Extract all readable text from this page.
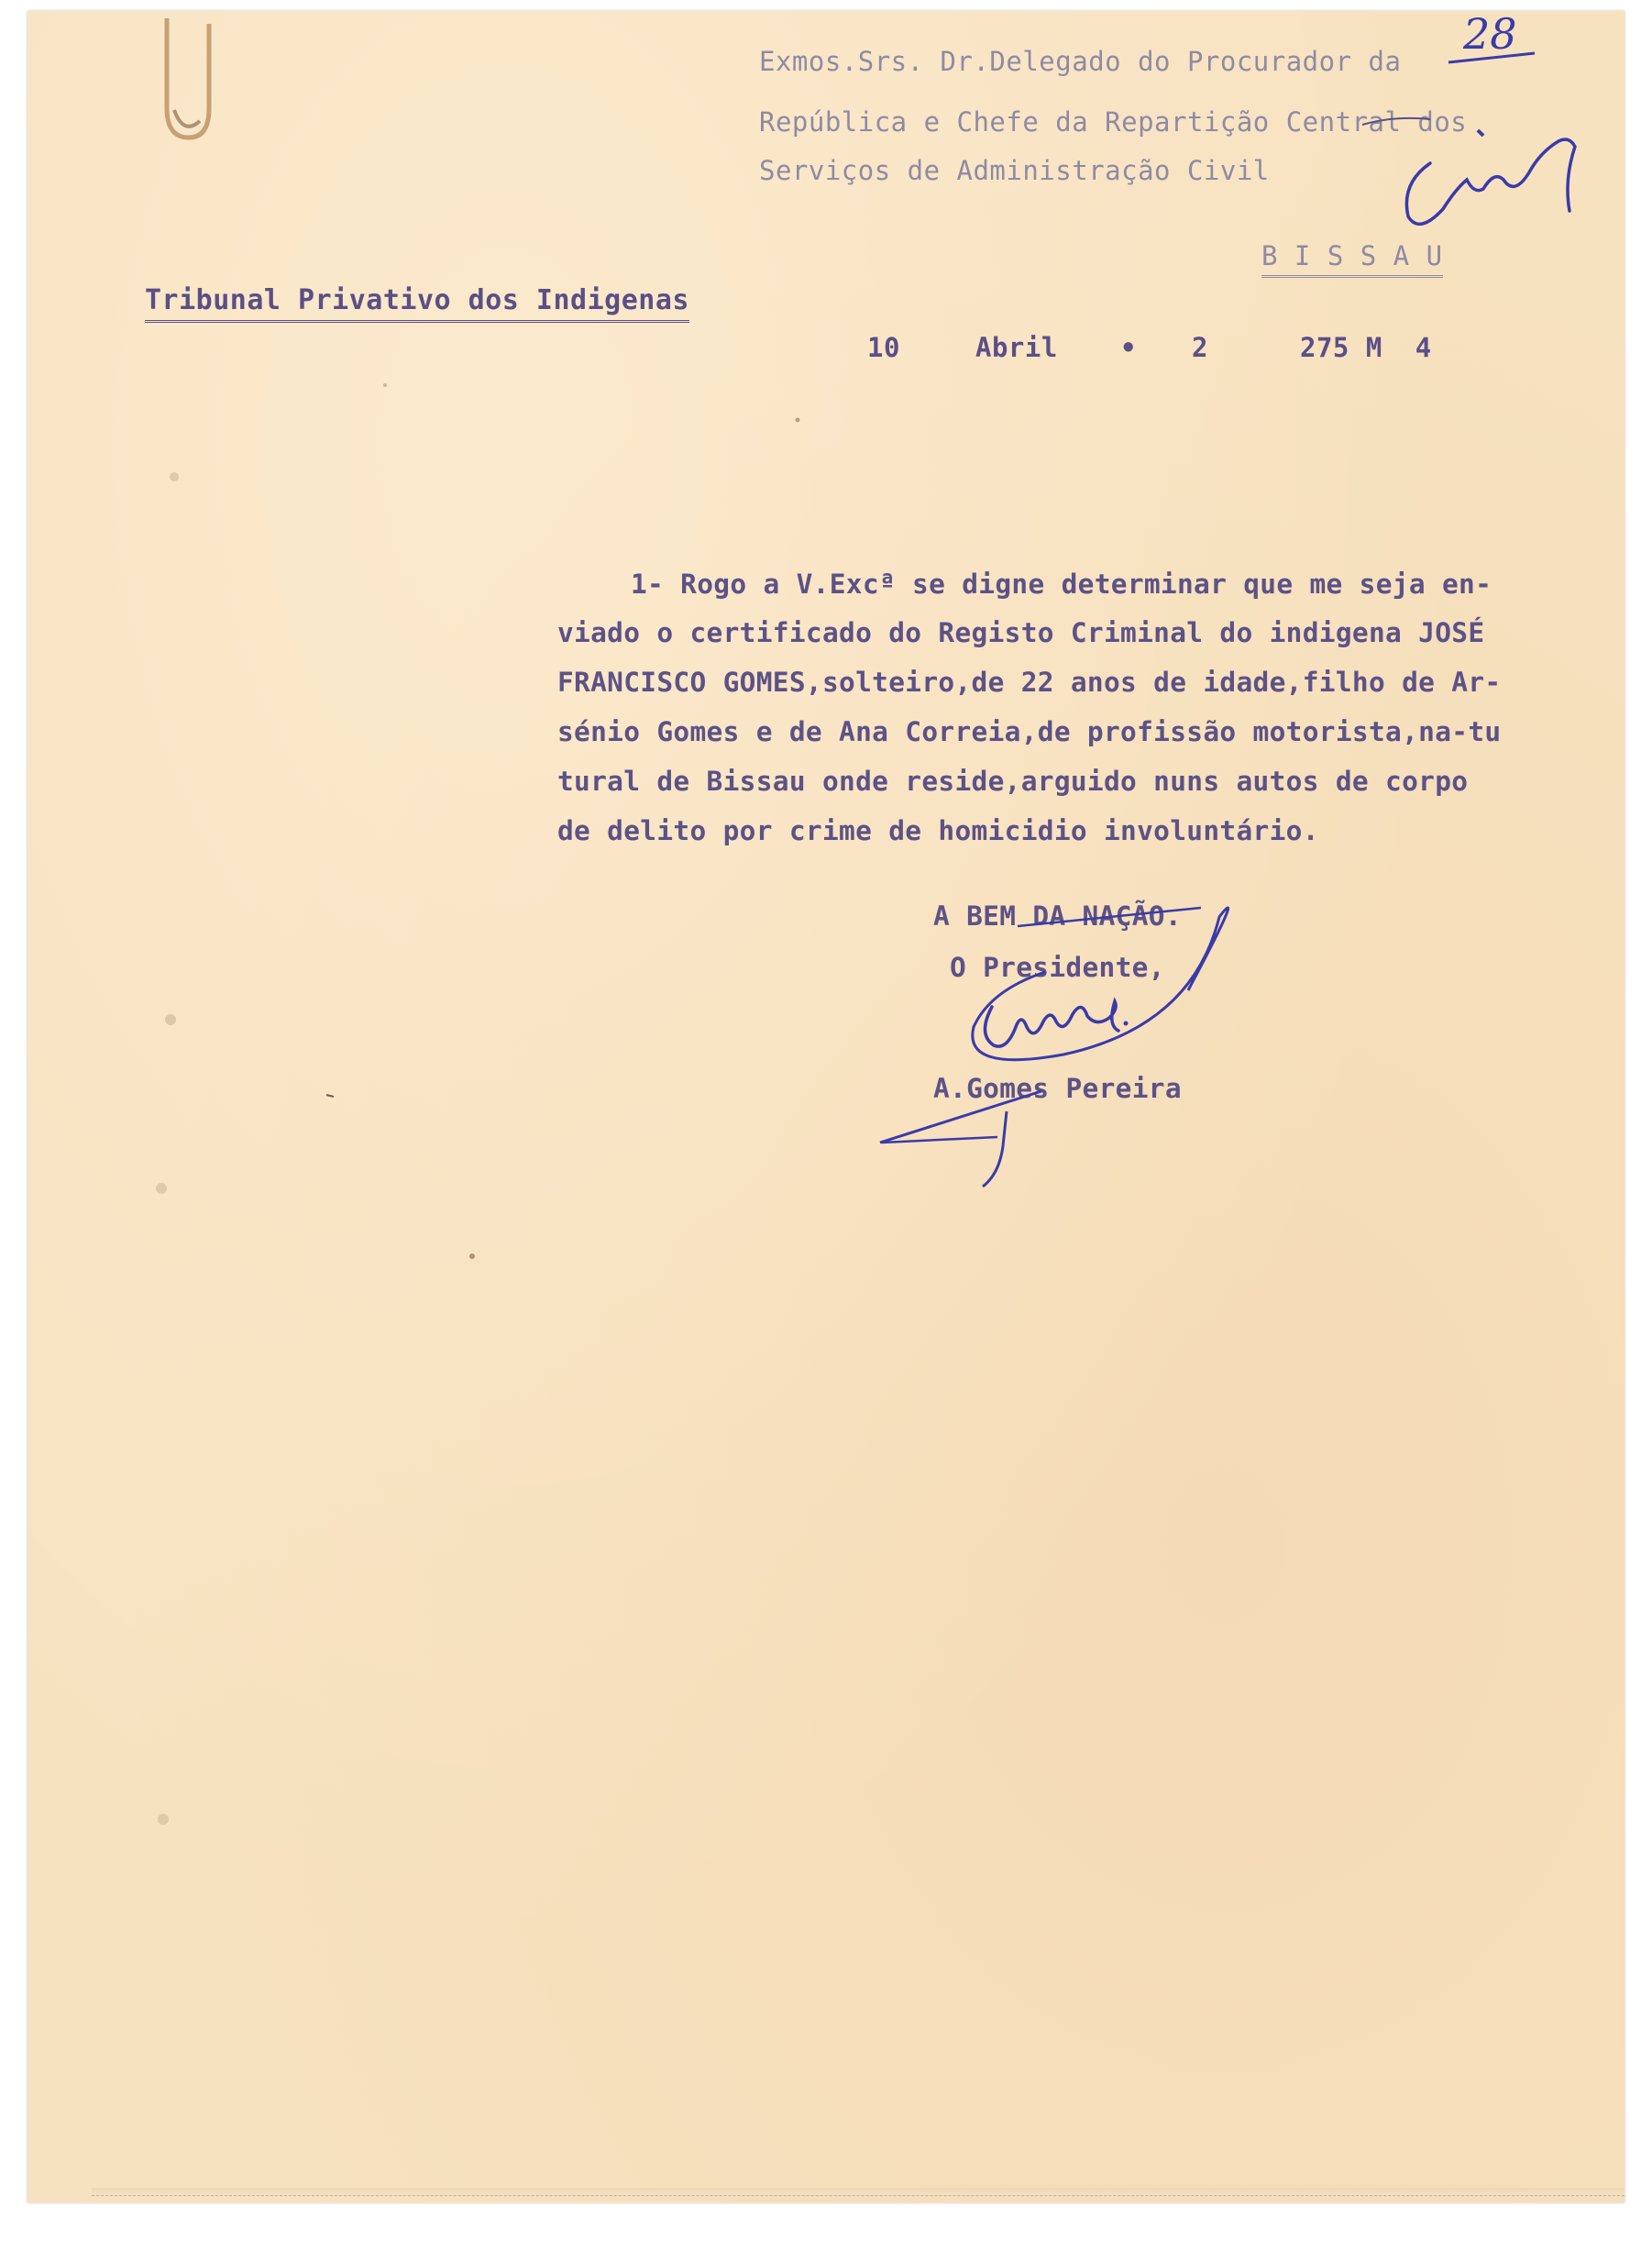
Exmos.Srs. Dr.Delegado do Procurador da

República e Chefe da Repartição Central dos

Serviços de Administração Civil

B I S S A U

Tribunal Privativo dos Indigenas

10	Abril • 2	275 M  4

1- Rogo a V.Excª se digne determinar que me seja en-

viado o certificado do Registo Criminal do indigena JOSÉ

FRANCISCO GOMES,solteiro,de 22 anos de idade,filho de Ar-

sénio Gomes e de Ana Correia,de profissão motorista,na-tu

tural de Bissau onde reside,arguido nuns autos de corpo

de delito por crime de homicidio involuntário.

A BEM DA NAÇÃO.

O Presidente,

A.Gomes Pereira

28
